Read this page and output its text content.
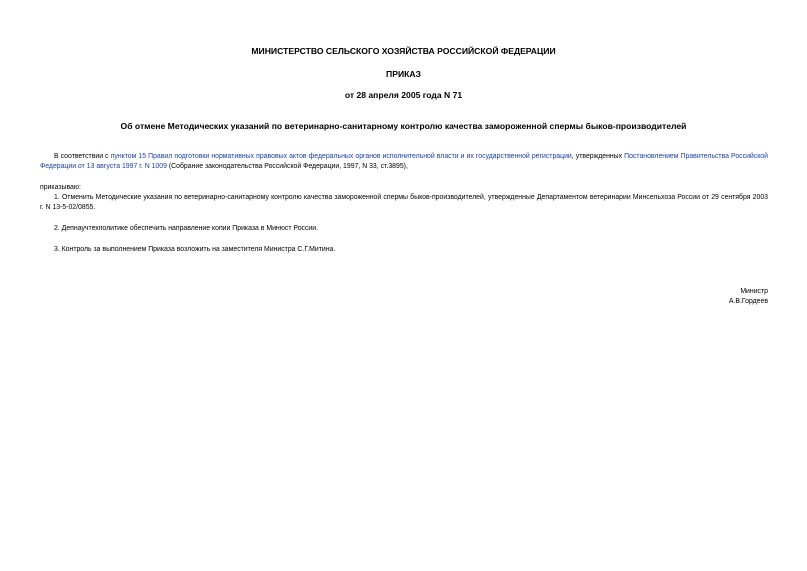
МИНИСТЕРСТВО СЕЛЬСКОГО ХОЗЯЙСТВА РОССИЙСКОЙ ФЕДЕРАЦИИ
ПРИКАЗ
от 28 апреля 2005 года N 71
Об отмене Методических указаний по ветеринарно-санитарному контролю качества замороженной спермы быков-производителей
В соответствии с пунктом 15 Правил подготовки нормативных правовых актов федеральных органов исполнительной власти и их государственной регистрации, утвержденных Постановлением Правительства Российской Федерации от 13 августа 1997 г. N 1009 (Собрание законодательства Российской Федерации, 1997, N 33, ст.3895),
приказываю:
1. Отменить Методические указания по ветеринарно-санитарному контролю качества замороженной спермы быков-производителей, утвержденные Департаментом ветеринарии Минсельхоза России от 29 сентября 2003 г. N 13-5-02/0855.
2. Депнаучтехполитике обеспечить направление копии Приказа в Минюст России.
3. Контроль за выполнением Приказа возложить на заместителя Министра С.Г.Митина.
Министр
А.В.Гордеев
